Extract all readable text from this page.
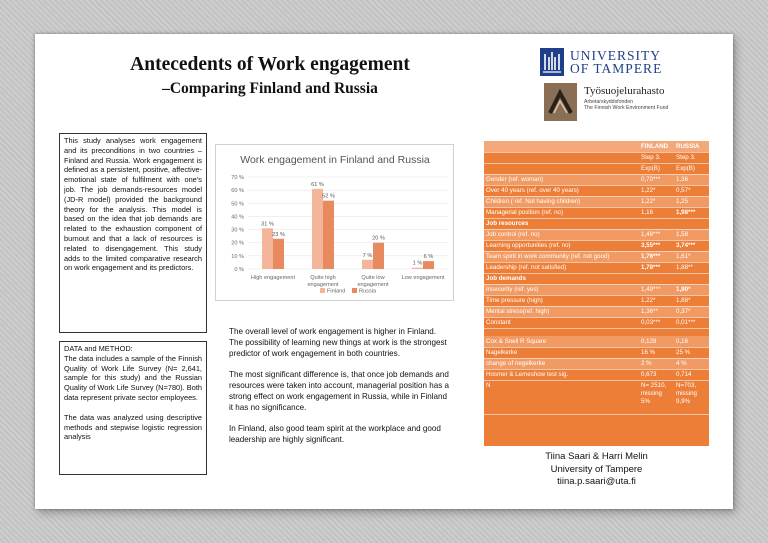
Antecedents of Work engagement
–Comparing Finland and Russia
UNIVERSITY
OF TAMPERE
Työsuojelurahasto
Arbetarskyddsfonden
The Finnish Work Environment Fund
This study analyses work engagement and its preconditions in two countries – Finland and Russia. Work engagement is defined as a persistent, positive, affective-emotional state of fulfilment with one’s job. The job demands-resources model (JD-R model) provided the background theory for the analysis. This model is based on the idea that job demands are related to the exhaustion component of burnout and that a lack of resources is related to disengagement. This study adds to the limited comparative research on work engagement and its predictors.
DATA and METHOD:
The data includes a sample of the Finnish Quality of Work Life Survey (N= 2,641, sample for this study) and the Russian Quality of Work Life Survey (N=780). Both data represent private sector employees.
The data was analyzed using descriptive methods and stepwise logistic regression analysis
Work engagement in Finland and Russia
0 %
10 %
20 %
30 %
40 %
50 %
60 %
70 %
31 %
23 %
High engagement
61 %
52 %
Quite high
engagement
7 %
20 %
Quite low
engagement
1 %
6 %
Low engagement
Finland Russia

The overall level of work engagement is higher in Finland. The possibility of learning new things at work is the strongest predictor of work engagement in both countries.

The most significant difference is, that once job demands and resources were taken into account, managerial position has a strong effect on work engagement in Russia, while in Finland it has no significance.

In Finland, also good team spirit at the workplace and good leadership are highly significant.

	FINLAND	RUSSIA
	Step 3.	Step 3.
	Exp(B)	Exp(B)
Gender (ref. woman)	0,70***	1,36
Over 40 years (ref. over 40 years)	1,22*	0,57*
Children ( ref. Not having children)	1,22*	1,25
Managerial position (ref. no)	1,16	1,98***
Job resources		
Job control (ref. no)	1,48***	1,58
Learning opportunities (ref. no)	3,55***	3,74***
Team spirit in work community (ref. not good)	1,76***	1,61*
Leadership (ref. not satisfied)	1,78***	1,88**
Job demands		
Insecurity (ref. yes)	1,49***	1,90*
Time pressure (high)	1,22*	1,88*
Mental stress(ref. high)	1,36**	0,37*
Constant	0,03***	0,01***

Cox & Snell R Square	0,128	0,16
Nagelkerke	16 %	25 %
change of negelkerke	2 %	4 %
Hosmer & Lemeshow test sig.	0,673	0,714
N	N= 2510, missing 5%	N=703, missing 9,9%
Tiina Saari & Harri Melin
University of Tampere
tiina.p.saari@uta.fi
